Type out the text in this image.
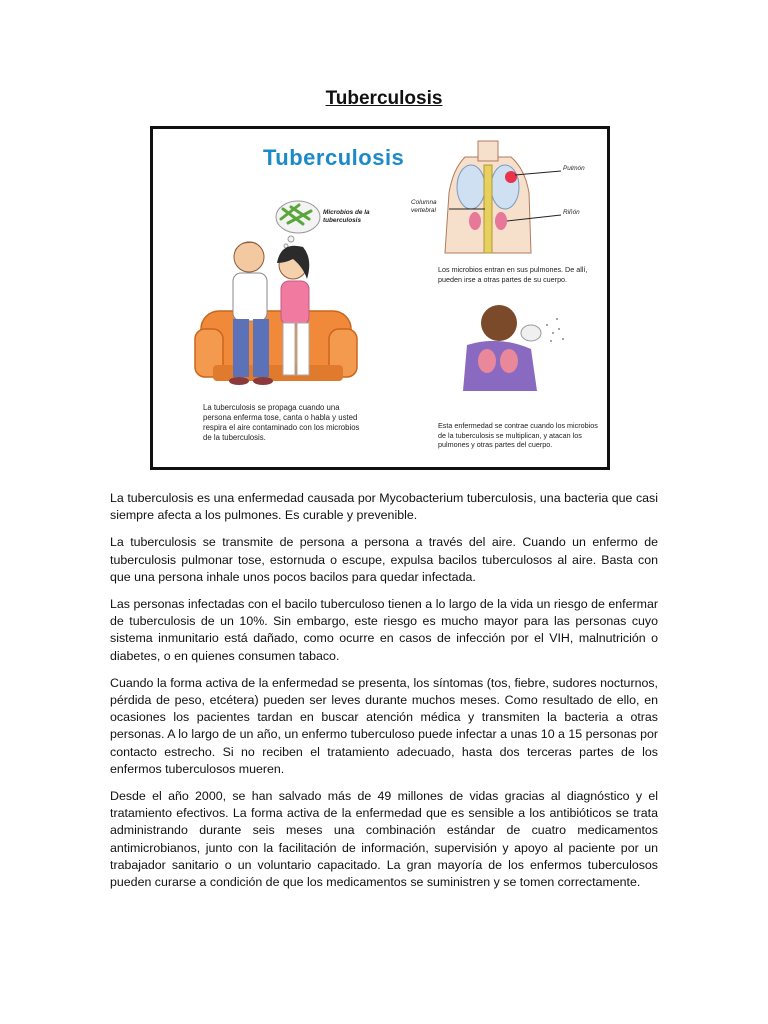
Tuberculosis
Tuberculosis
Microbios de la tuberculosis
Pulmón
Columna vertebral	Riñón
Los microbios entran en sus pulmones. De allí, pueden irse a otras partes de su cuerpo.
La tuberculosis se propaga cuando una persona enferma tose, canta o habla y usted respira el aire contaminado con los microbios de la tuberculosis.
Esta enfermedad se contrae cuando los microbios de la tuberculosis se multiplican, y atacan los pulmones y otras partes del cuerpo.

La tuberculosis es una enfermedad causada por Mycobacterium tuberculosis, una bacteria que casi siempre afecta a los pulmones. Es curable y prevenible.

La tuberculosis se transmite de persona a persona a través del aire. Cuando un enfermo de tuberculosis pulmonar tose, estornuda o escupe, expulsa bacilos tuberculosos al aire. Basta con que una persona inhale unos pocos bacilos para quedar infectada.

Las personas infectadas con el bacilo tuberculoso tienen a lo largo de la vida un riesgo de enfermar de tuberculosis de un 10%. Sin embargo, este riesgo es mucho mayor para las personas cuyo sistema inmunitario está dañado, como ocurre en casos de infección por el VIH, malnutrición o diabetes, o en quienes consumen tabaco.

Cuando la forma activa de la enfermedad se presenta, los síntomas (tos, fiebre, sudores nocturnos, pérdida de peso, etcétera) pueden ser leves durante muchos meses. Como resultado de ello, en ocasiones los pacientes tardan en buscar atención médica y transmiten la bacteria a otras personas. A lo largo de un año, un enfermo tuberculoso puede infectar a unas 10 a 15 personas por contacto estrecho. Si no reciben el tratamiento adecuado, hasta dos terceras partes de los enfermos tuberculosos mueren.

Desde el año 2000, se han salvado más de 49 millones de vidas gracias al diagnóstico y el tratamiento efectivos. La forma activa de la enfermedad que es sensible a los antibióticos se trata administrando durante seis meses una combinación estándar de cuatro medicamentos antimicrobianos, junto con la facilitación de información, supervisión y apoyo al paciente por un trabajador sanitario o un voluntario capacitado. La gran mayoría de los enfermos tuberculosos pueden curarse a condición de que los medicamentos se suministren y se tomen correctamente.
